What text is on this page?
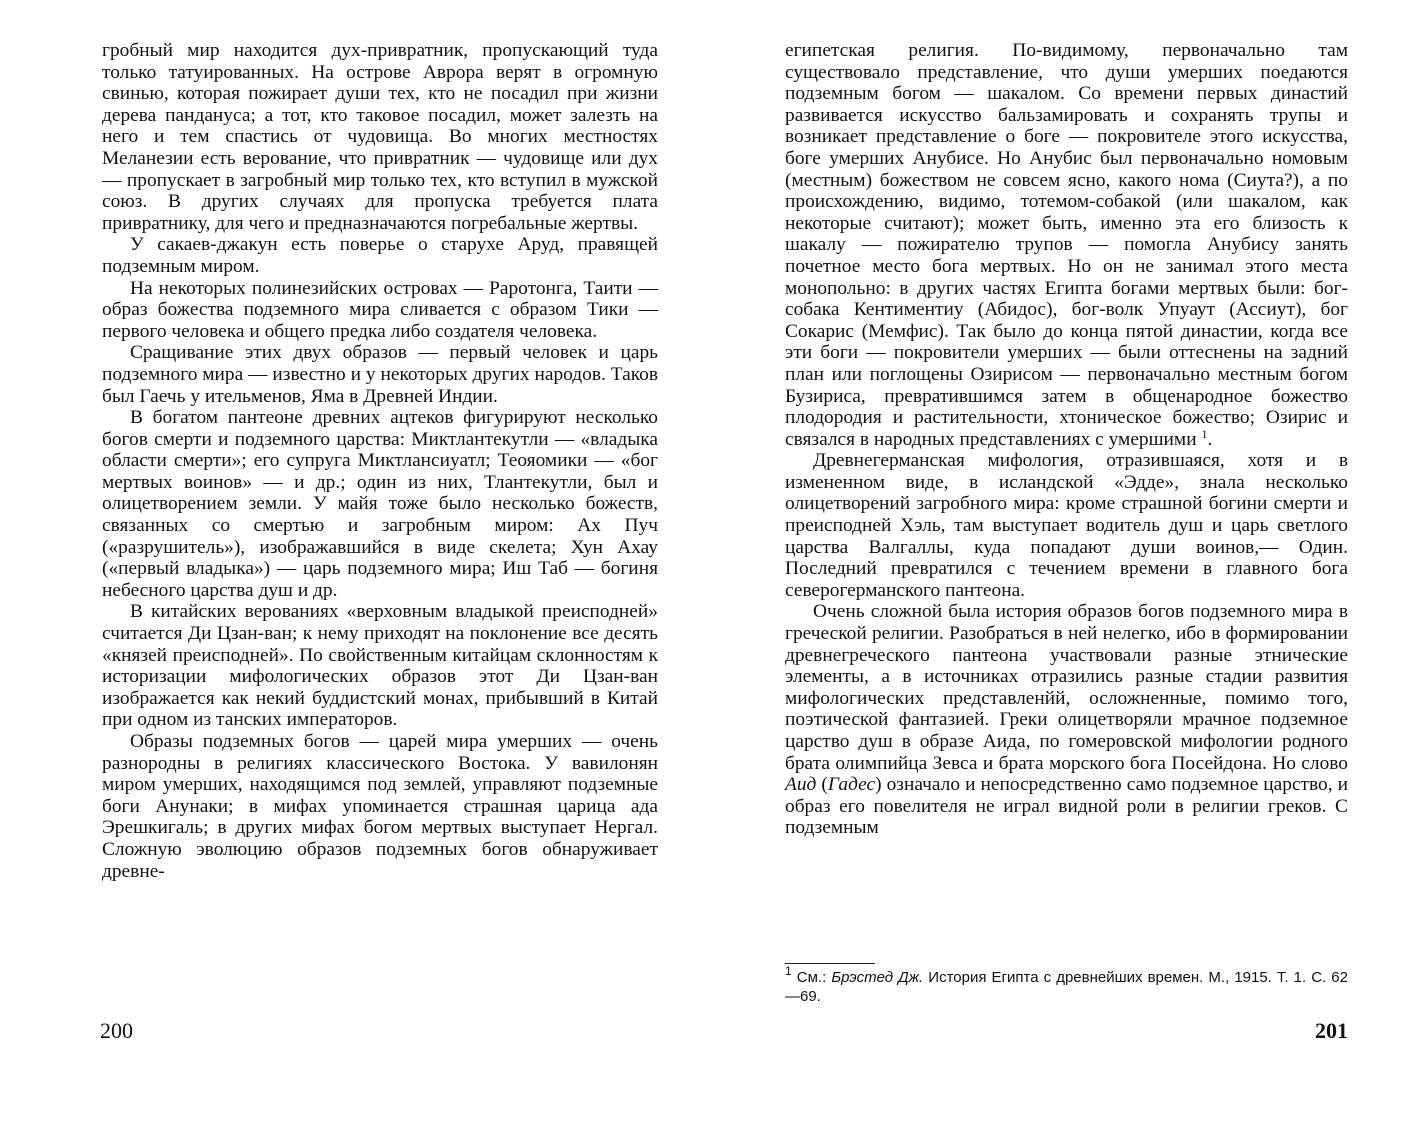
гробный мир находится дух-привратник, пропускающий туда только татуированных. На острове Аврора верят в огромную свинью, которая пожирает души тех, кто не посадил при жизни дерева пандануса; а тот, кто таковое посадил, может залезть на него и тем спастись от чудовища. Во многих местностях Меланезии есть верование, что привратник — чудовище или дух — пропускает в загробный мир только тех, кто вступил в мужской союз. В других случаях для пропуска требуется плата привратнику, для чего и предназначаются погребальные жертвы.

У сакаев-джакун есть поверье о старухе Аруд, правящей подземным миром.

На некоторых полинезийских островах — Раротонга, Таити — образ божества подземного мира сливается с образом Тики — первого человека и общего предка либо создателя человека.

Сращивание этих двух образов — первый человек и царь подземного мира — известно и у некоторых других народов. Таков был Гаечь у ительменов, Яма в Древней Индии.

В богатом пантеоне древних ацтеков фигурируют несколько богов смерти и подземного царства: Миктлантекутли — «владыка области смерти»; его супруга Миктлансиуатл; Теояомики — «бог мертвых воинов» — и др.; один из них, Тлантекутли, был и олицетворением земли. У майя тоже было несколько божеств, связанных со смертью и загробным миром: Ах Пуч («разрушитель»), изображавшийся в виде скелета; Хун Ахау («первый владыка») — царь подземного мира; Иш Таб — богиня небесного царства душ и др.

В китайских верованиях «верховным владыкой преисподней» считается Ди Цзан-ван; к нему приходят на поклонение все десять «князей преисподней». По свойственным китайцам склонностям к историзации мифологических образов этот Ди Цзан-ван изображается как некий буддистский монах, прибывший в Китай при одном из танских императоров.

Образы подземных богов — царей мира умерших — очень разнородны в религиях классического Востока. У вавилонян миром умерших, находящимся под землей, управляют подземные боги Анунаки; в мифах упоминается страшная царица ада Эрешкигаль; в других мифах богом мертвых выступает Нергал. Сложную эволюцию образов подземных богов обнаруживает древне-

200

египетская религия. По-видимому, первоначально там существовало представление, что души умерших поедаются подземным богом — шакалом. Со времени первых династий развивается искусство бальзамировать и сохранять трупы и возникает представление о боге — покровителе этого искусства, боге умерших Анубисе. Но Анубис был первоначально номовым (местным) божеством не совсем ясно, какого нома (Сиута?), а по происхождению, видимо, тотемом-собакой (или шакалом, как некоторые считают); может быть, именно эта его близость к шакалу — пожирателю трупов — помогла Анубису занять почетное место бога мертвых. Но он не занимал этого места монопольно: в других частях Египта богами мертвых были: бог-собака Кентиментиу (Абидос), бог-волк Упуаут (Ассиут), бог Сокарис (Мемфис). Так было до конца пятой династии, когда все эти боги — покровители умерших — были оттеснены на задний план или поглощены Озирисом — первоначально местным богом Бузириса, превратившимся затем в общенародное божество плодородия и растительности, хтоническое божество; Озирис и связался в народных представлениях с умершими $^1$.

Древнегерманская мифология, отразившаяся, хотя и в измененном виде, в исландской «Эдде», знала несколько олицетворений загробного мира: кроме страшной богини смерти и преисподней Хэль, там выступает водитель душ и царь светлого царства Валгаллы, куда попадают души воинов,— Один. Последний превратился с течением времени в главного бога северогерманского пантеона.

Очень сложной была история образов богов подземного мира в греческой религии. Разобраться в ней нелегко, ибо в формировании древнегреческого пантеона участвовали разные этнические элементы, а в источниках отразились разные стадии развития мифологических представленйй, осложненные, помимо того, поэтической фантазией. Греки олицетворяли мрачное подземное царство душ в образе Аида, по гомеровской мифологии родного брата олимпийца Зевса и брата морского бога Посейдона. Но слово Аид (Гадес) означало и непосредственно само подземное царство, и образ его повелителя не играл видной роли в религии греков. С подземным

$^1$ См.: Брэстед Дж. История Египта с древнейших времен. М., 1915. Т. 1. С. 62—69.
201
